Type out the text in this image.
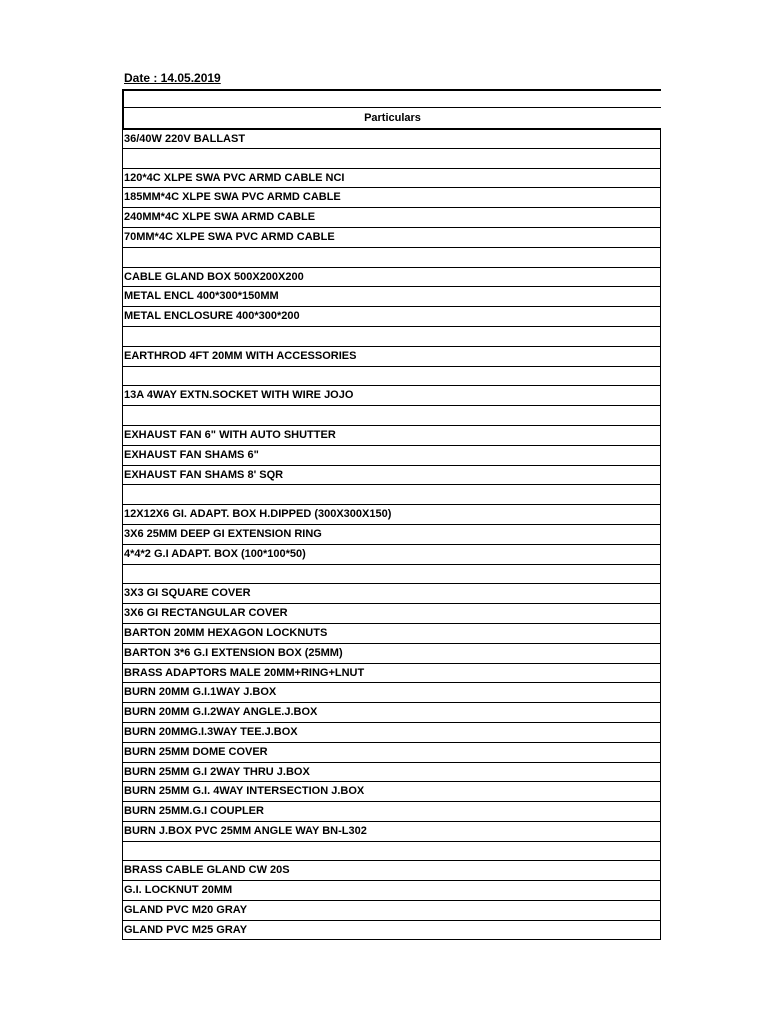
Date : 14.05.2019
Particulars
36/40W 220V BALLAST
120*4C XLPE SWA PVC ARMD CABLE NCI
185MM*4C XLPE SWA PVC ARMD CABLE
240MM*4C XLPE SWA ARMD CABLE
70MM*4C XLPE SWA PVC ARMD CABLE
CABLE GLAND BOX 500X200X200
METAL ENCL 400*300*150MM
METAL ENCLOSURE 400*300*200
EARTHROD 4FT 20MM WITH ACCESSORIES
13A 4WAY EXTN.SOCKET WITH WIRE JOJO
EXHAUST FAN 6" WITH AUTO SHUTTER
EXHAUST FAN SHAMS 6"
EXHAUST FAN SHAMS 8' SQR
12X12X6 GI. ADAPT. BOX H.DIPPED (300X300X150)
3X6 25MM DEEP GI EXTENSION RING
4*4*2 G.I ADAPT. BOX (100*100*50)
3X3 GI SQUARE COVER
3X6 GI RECTANGULAR COVER
BARTON 20MM HEXAGON LOCKNUTS
BARTON 3*6 G.I EXTENSION BOX (25MM)
BRASS ADAPTORS MALE 20MM+RING+LNUT
BURN 20MM G.I.1WAY J.BOX
BURN 20MM G.I.2WAY ANGLE.J.BOX
BURN 20MMG.I.3WAY TEE.J.BOX
BURN 25MM DOME COVER
BURN 25MM G.I 2WAY THRU J.BOX
BURN 25MM G.I. 4WAY INTERSECTION J.BOX
BURN 25MM.G.I COUPLER
BURN J.BOX PVC 25MM ANGLE WAY BN-L302
BRASS CABLE GLAND CW 20S
G.I. LOCKNUT 20MM
GLAND PVC M20 GRAY
GLAND PVC M25 GRAY
